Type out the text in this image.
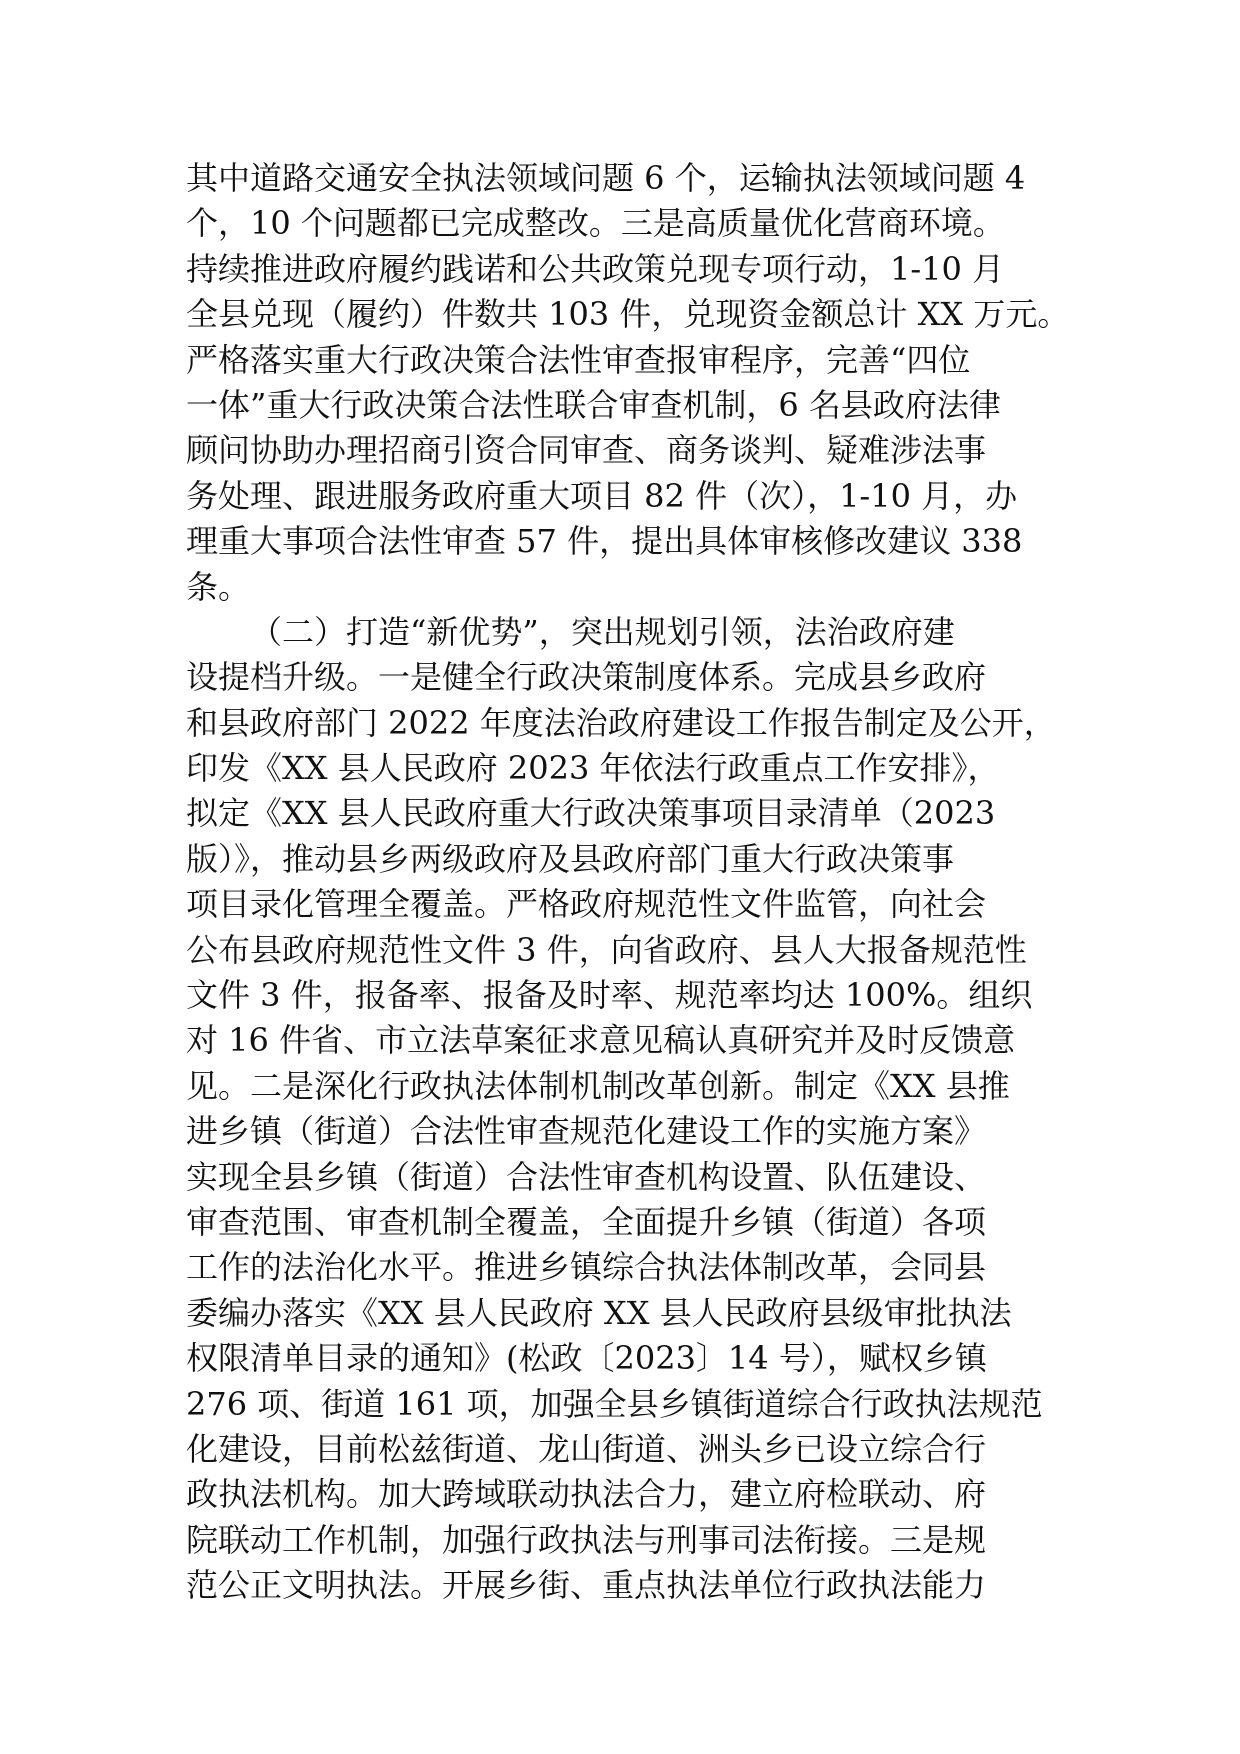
其中道路交通安全执法领域问题 6 个，运输执法领域问题 4
个，10 个问题都已完成整改。三是高质量优化营商环境。
持续推进政府履约践诺和公共政策兑现专项行动，1-10 月
全县兑现（履约）件数共 103 件，兑现资金额总计 XX 万元。
严格落实重大行政决策合法性审查报审程序，完善“四位
一体”重大行政决策合法性联合审查机制，6 名县政府法律
顾问协助办理招商引资合同审查、商务谈判、疑难涉法事
务处理、跟进服务政府重大项目 82 件（次），1-10 月，办
理重大事项合法性审查 57 件，提出具体审核修改建议 338
条。
（二）打造“新优势”，突出规划引领，法治政府建
设提档升级。一是健全行政决策制度体系。完成县乡政府
和县政府部门 2022 年度法治政府建设工作报告制定及公开，
印发《XX 县人民政府 2023 年依法行政重点工作安排》，
拟定《XX 县人民政府重大行政决策事项目录清单（2023
版）》，推动县乡两级政府及县政府部门重大行政决策事
项目录化管理全覆盖。严格政府规范性文件监管，向社会
公布县政府规范性文件 3 件，向省政府、县人大报备规范性
文件 3 件，报备率、报备及时率、规范率均达 100%。组织
对 16 件省、市立法草案征求意见稿认真研究并及时反馈意
见。二是深化行政执法体制机制改革创新。制定《XX 县推
进乡镇（街道）合法性审查规范化建设工作的实施方案》
实现全县乡镇（街道）合法性审查机构设置、队伍建设、
审查范围、审查机制全覆盖，全面提升乡镇（街道）各项
工作的法治化水平。推进乡镇综合执法体制改革，会同县
委编办落实《XX 县人民政府 XX 县人民政府县级审批执法
权限清单目录的通知》(松政〔2023〕14 号），赋权乡镇
276 项、街道 161 项，加强全县乡镇街道综合行政执法规范
化建设，目前松兹街道、龙山街道、洲头乡已设立综合行
政执法机构。加大跨域联动执法合力，建立府检联动、府
院联动工作机制，加强行政执法与刑事司法衔接。三是规
范公正文明执法。开展乡街、重点执法单位行政执法能力
